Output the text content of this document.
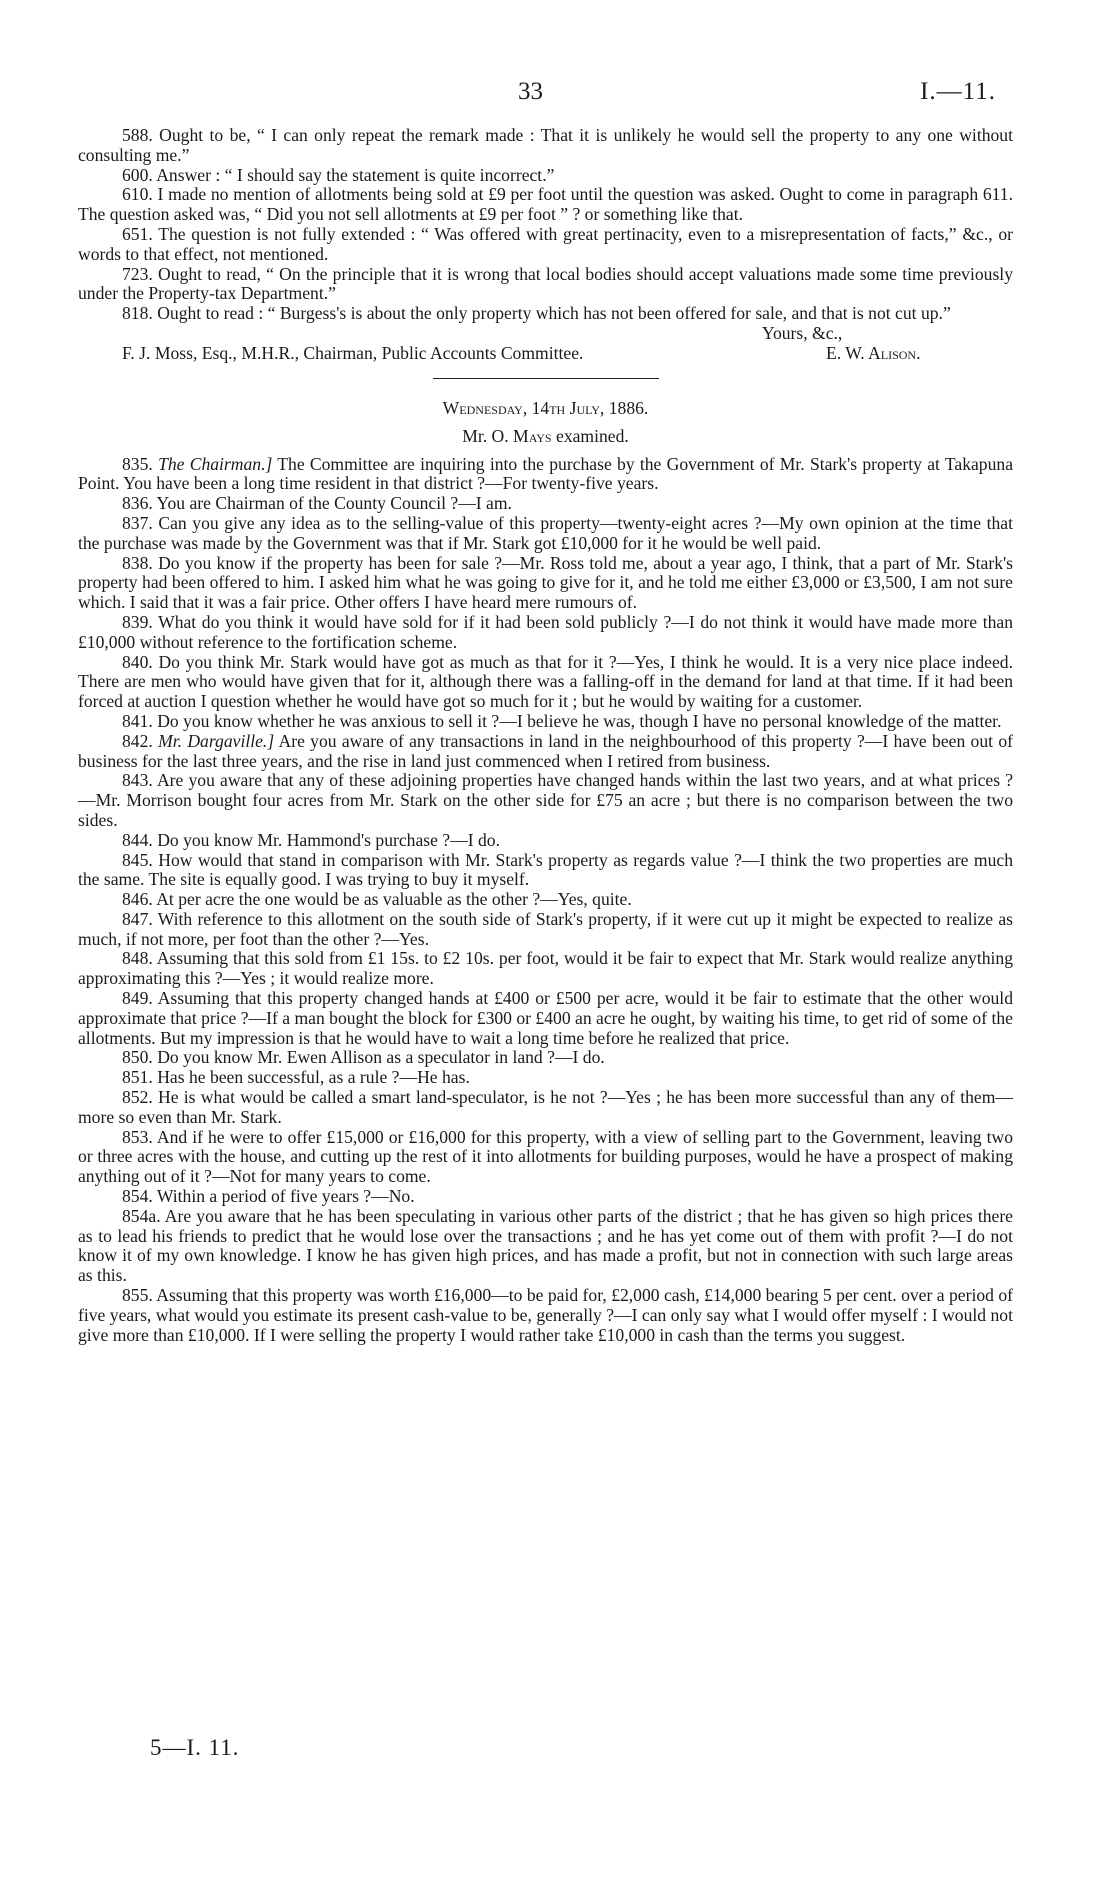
33	I.—11.

588. Ought to be, “ I can only repeat the remark made : That it is unlikely he would sell the property to any one without consulting me.”

600. Answer : “ I should say the statement is quite incorrect.”

610. I made no mention of allotments being sold at £9 per foot until the question was asked. Ought to come in paragraph 611. The question asked was, “ Did you not sell allotments at £9 per foot ” ? or something like that.

651. The question is not fully extended : “ Was offered with great pertinacity, even to a misrepresentation of facts,” &c., or words to that effect, not mentioned.

723. Ought to read, “ On the principle that it is wrong that local bodies should accept valuations made some time previously under the Property-tax Department.”

818. Ought to read : “ Burgess's is about the only property which has not been offered for sale, and that is not cut up.”

Yours, &c.,
F. J. Moss, Esq., M.H.R., Chairman, Public Accounts Committee.	E. W. Alison.

Wednesday, 14th July, 1886.

Mr. O. Mays examined.

835. The Chairman.] The Committee are inquiring into the purchase by the Government of Mr. Stark's property at Takapuna Point. You have been a long time resident in that district ?—For twenty-five years.

836. You are Chairman of the County Council ?—I am.

837. Can you give any idea as to the selling-value of this property—twenty-eight acres ?—My own opinion at the time that the purchase was made by the Government was that if Mr. Stark got £10,000 for it he would be well paid.

838. Do you know if the property has been for sale ?—Mr. Ross told me, about a year ago, I think, that a part of Mr. Stark's property had been offered to him. I asked him what he was going to give for it, and he told me either £3,000 or £3,500, I am not sure which. I said that it was a fair price. Other offers I have heard mere rumours of.

839. What do you think it would have sold for if it had been sold publicly ?—I do not think it would have made more than £10,000 without reference to the fortification scheme.

840. Do you think Mr. Stark would have got as much as that for it ?—Yes, I think he would. It is a very nice place indeed. There are men who would have given that for it, although there was a falling-off in the demand for land at that time. If it had been forced at auction I question whether he would have got so much for it ; but he would by waiting for a customer.

841. Do you know whether he was anxious to sell it ?—I believe he was, though I have no personal knowledge of the matter.

842. Mr. Dargaville.] Are you aware of any transactions in land in the neighbourhood of this property ?—I have been out of business for the last three years, and the rise in land just commenced when I retired from business.

843. Are you aware that any of these adjoining properties have changed hands within the last two years, and at what prices ?—Mr. Morrison bought four acres from Mr. Stark on the other side for £75 an acre ; but there is no comparison between the two sides.

844. Do you know Mr. Hammond's purchase ?—I do.

845. How would that stand in comparison with Mr. Stark's property as regards value ?—I think the two properties are much the same. The site is equally good. I was trying to buy it myself.

846. At per acre the one would be as valuable as the other ?—Yes, quite.

847. With reference to this allotment on the south side of Stark's property, if it were cut up it might be expected to realize as much, if not more, per foot than the other ?—Yes.

848. Assuming that this sold from £1 15s. to £2 10s. per foot, would it be fair to expect that Mr. Stark would realize anything approximating this ?—Yes ; it would realize more.

849. Assuming that this property changed hands at £400 or £500 per acre, would it be fair to estimate that the other would approximate that price ?—If a man bought the block for £300 or £400 an acre he ought, by waiting his time, to get rid of some of the allotments. But my impression is that he would have to wait a long time before he realized that price.

850. Do you know Mr. Ewen Allison as a speculator in land ?—I do.

851. Has he been successful, as a rule ?—He has.

852. He is what would be called a smart land-speculator, is he not ?—Yes ; he has been more successful than any of them—more so even than Mr. Stark.

853. And if he were to offer £15,000 or £16,000 for this property, with a view of selling part to the Government, leaving two or three acres with the house, and cutting up the rest of it into allotments for building purposes, would he have a prospect of making anything out of it ?—Not for many years to come.

854. Within a period of five years ?—No.

854a. Are you aware that he has been speculating in various other parts of the district ; that he has given so high prices there as to lead his friends to predict that he would lose over the transactions ; and he has yet come out of them with profit ?—I do not know it of my own knowledge. I know he has given high prices, and has made a profit, but not in connection with such large areas as this.

855. Assuming that this property was worth £16,000—to be paid for, £2,000 cash, £14,000 bearing 5 per cent. over a period of five years, what would you estimate its present cash-value to be, generally ?—I can only say what I would offer myself : I would not give more than £10,000. If I were selling the property I would rather take £10,000 in cash than the terms you suggest.

5—I. 11.
